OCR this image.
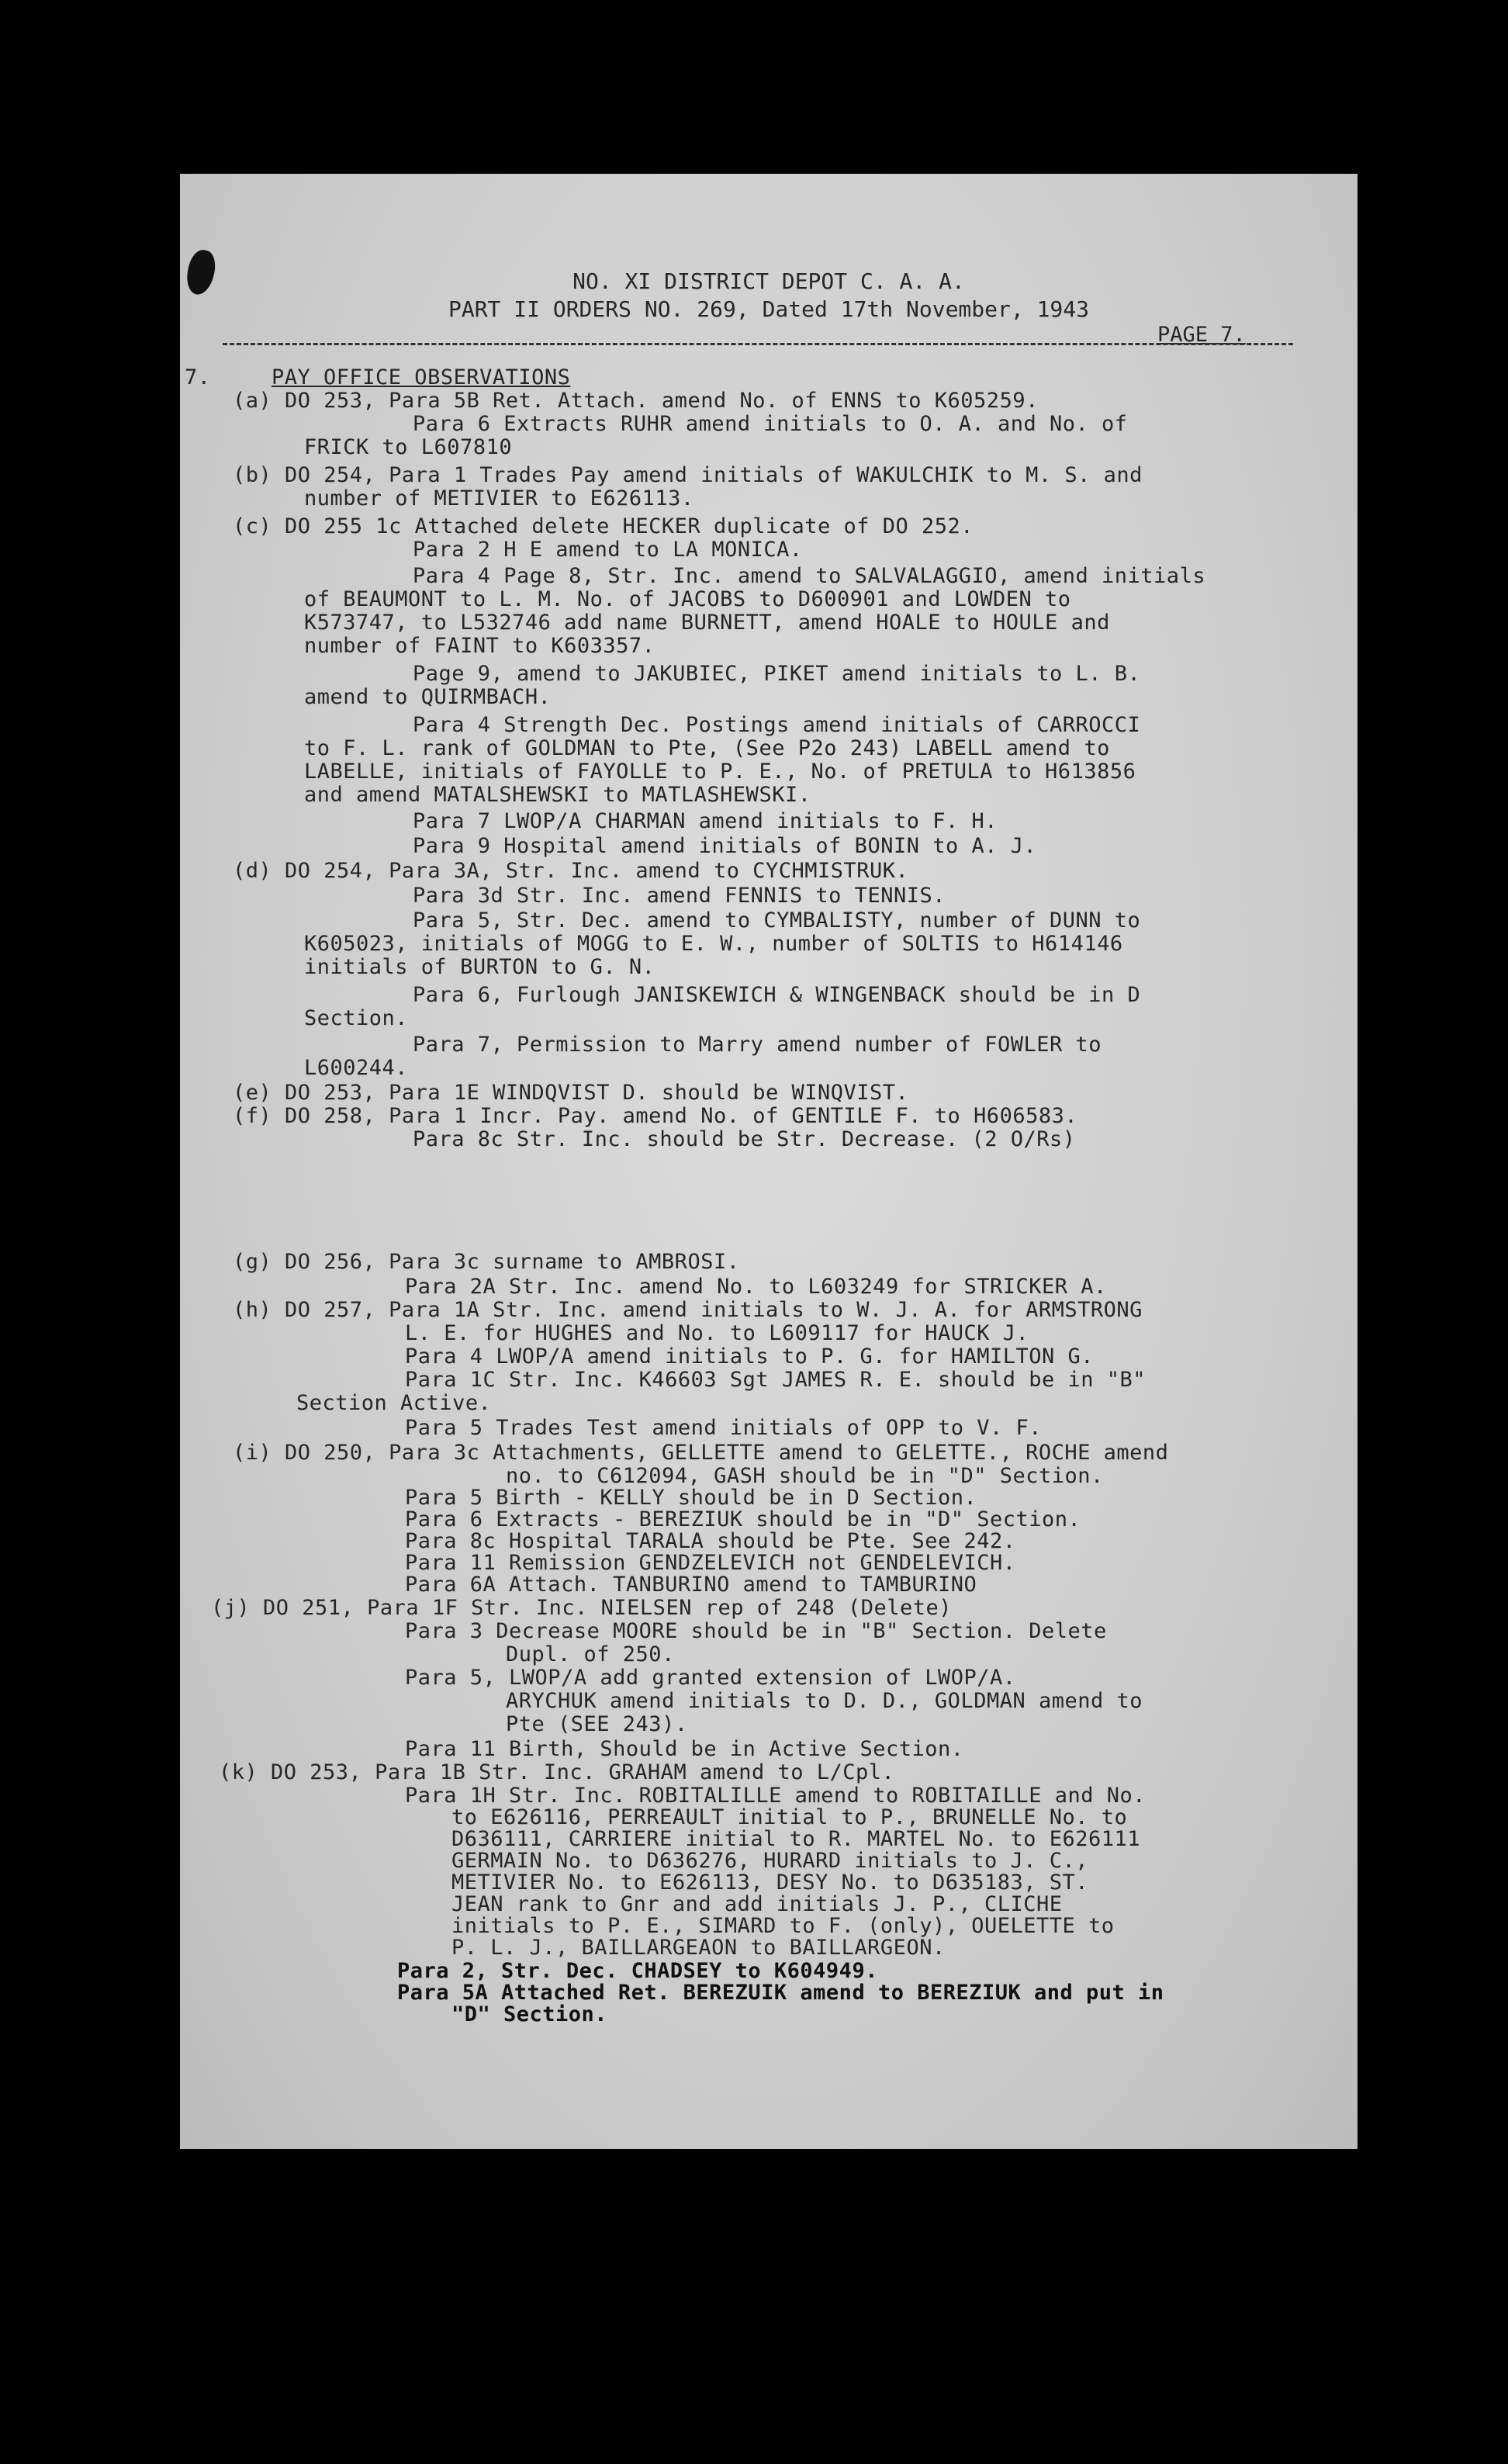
NO. XI DISTRICT DEPOT C. A. A.
PART II ORDERS NO. 269, Dated 17th November, 1943
PAGE 7.

7.

	PAY OFFICE OBSERVATIONS

(a) DO 253, Para 5B Ret. Attach. amend No. of ENNS to K605259.

Para 6 Extracts RUHR amend initials to O. A. and No. of

FRICK to L607810

(b) DO 254, Para 1 Trades Pay amend initials of WAKULCHIK to M. S. and

number of METIVIER to E626113.

(c) DO 255 1c Attached delete HECKER duplicate of DO 252.

Para 2 H E amend to LA MONICA.

Para 4 Page 8, Str. Inc. amend to SALVALAGGIO, amend initials

of BEAUMONT to L. M. No. of JACOBS to D600901 and LOWDEN to

K573747, to L532746 add name BURNETT, amend HOALE to HOULE and

number of FAINT to K603357.

Page 9, amend to JAKUBIEC, PIKET amend initials to L. B.

amend to QUIRMBACH.

Para 4 Strength Dec. Postings amend initials of CARROCCI

to F. L. rank of GOLDMAN to Pte, (See P2o 243) LABELL amend to

LABELLE, initials of FAYOLLE to P. E., No. of PRETULA to H613856

and amend MATALSHEWSKI to MATLASHEWSKI.

Para 7 LWOP/A CHARMAN amend initials to F. H.

Para 9 Hospital amend initials of BONIN to A. J.

(d) DO 254, Para 3A, Str. Inc. amend to CYCHMISTRUK.

Para 3d Str. Inc. amend FENNIS to TENNIS.

Para 5, Str. Dec. amend to CYMBALISTY, number of DUNN to

K605023, initials of MOGG to E. W., number of SOLTIS to H614146

initials of BURTON to G. N.

Para 6, Furlough JANISKEWICH & WINGENBACK should be in D

Section.

Para 7, Permission to Marry amend number of FOWLER to

L600244.

(e) DO 253, Para 1E WINDQVIST D. should be WINQVIST.

(f) DO 258, Para 1 Incr. Pay. amend No. of GENTILE F. to H606583.

Para 8c Str. Inc. should be Str. Decrease. (2 O/Rs)

(g) DO 256, Para 3c surname to AMBROSI.

Para 2A Str. Inc. amend No. to L603249 for STRICKER A.

(h) DO 257, Para 1A Str. Inc. amend initials to W. J. A. for ARMSTRONG

L. E. for HUGHES and No. to L609117 for HAUCK J.

Para 4 LWOP/A amend initials to P. G. for HAMILTON G.

Para 1C Str. Inc. K46603 Sgt JAMES R. E. should be in "B"

Section Active.

Para 5 Trades Test amend initials of OPP to V. F.

(i) DO 250, Para 3c Attachments, GELLETTE amend to GELETTE., ROCHE amend

no. to C612094, GASH should be in "D" Section.

Para 5 Birth - KELLY should be in D Section.

Para 6 Extracts - BEREZIUK should be in "D" Section.

Para 8c Hospital TARALA should be Pte. See 242.

Para 11 Remission GENDZELEVICH not GENDELEVICH.

Para 6A Attach. TANBURINO amend to TAMBURINO

(j) DO 251, Para 1F Str. Inc. NIELSEN rep of 248 (Delete)

Para 3 Decrease MOORE should be in "B" Section. Delete

Dupl. of 250.

Para 5, LWOP/A add granted extension of LWOP/A.

ARYCHUK amend initials to D. D., GOLDMAN amend to

Pte (SEE 243).

Para 11 Birth, Should be in Active Section.

(k) DO 253, Para 1B Str. Inc. GRAHAM amend to L/Cpl.

Para 1H Str. Inc. ROBITALILLE amend to ROBITAILLE and No.

to E626116, PERREAULT initial to P., BRUNELLE No. to

D636111, CARRIERE initial to R. MARTEL No. to E626111

GERMAIN No. to D636276, HURARD initials to J. C.,

METIVIER No. to E626113, DESY No. to D635183, ST.

JEAN rank to Gnr and add initials J. P., CLICHE

initials to P. E., SIMARD to F. (only), OUELETTE to

P. L. J., BAILLARGEAON to BAILLARGEON.

Para 2, Str. Dec. CHADSEY to K604949.

Para 5A Attached Ret. BEREZUIK amend to BEREZIUK and put in

"D" Section.
